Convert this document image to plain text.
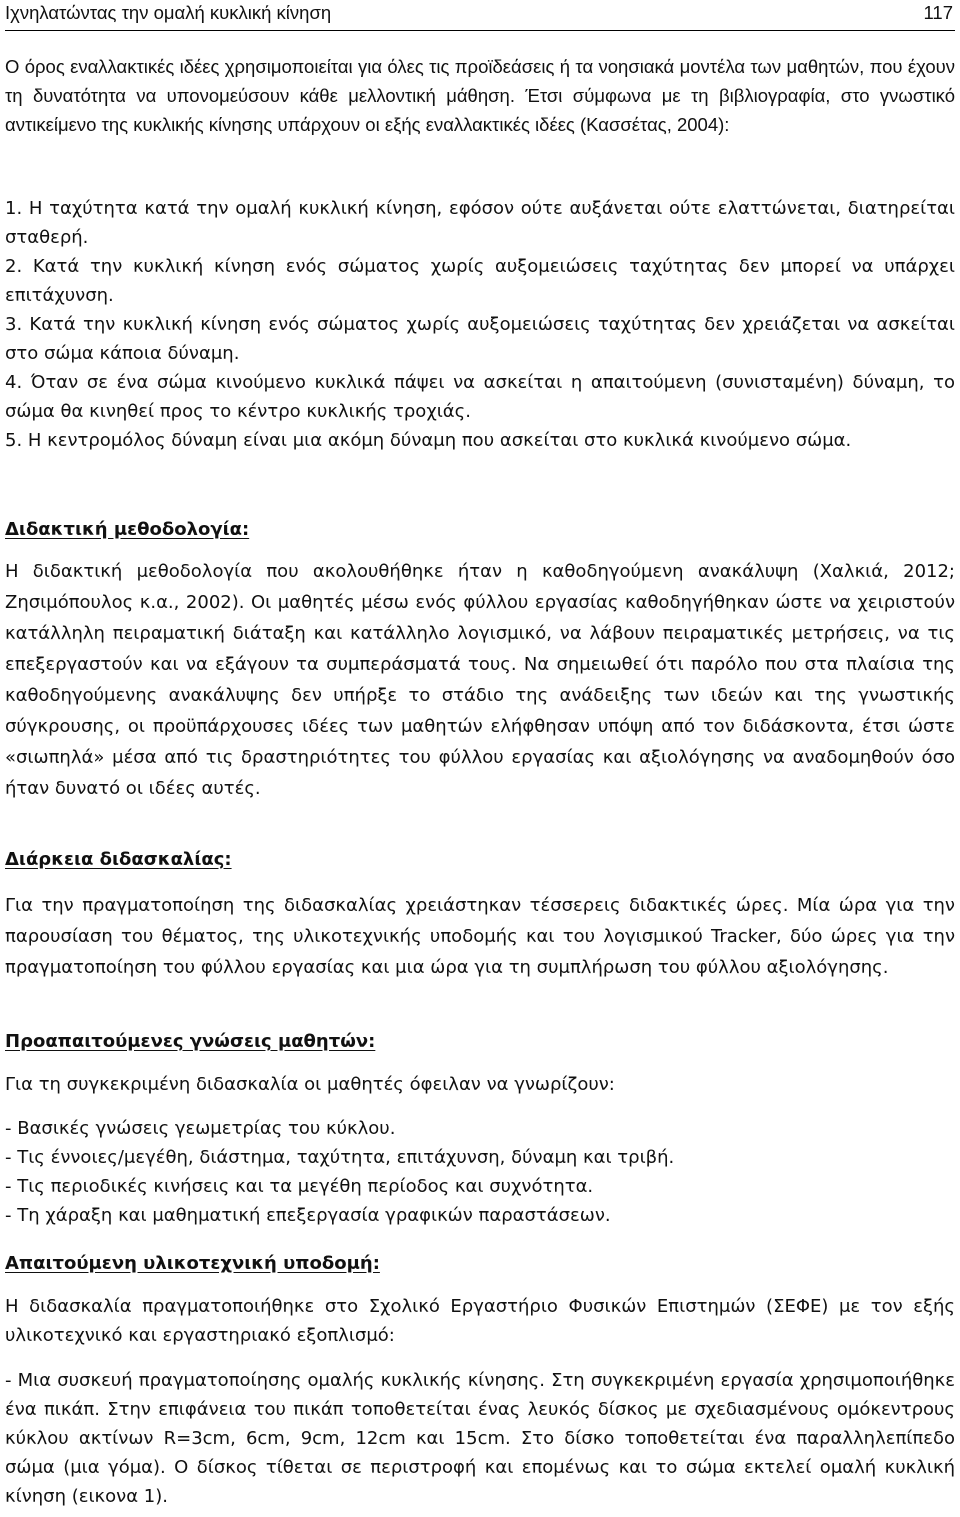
Ιχνηλατώντας την ομαλή κυκλική κίνηση	117

Ο όρος εναλλακτικές ιδέες χρησιμοποιείται για όλες τις προϊδεάσεις ή τα νοησιακά μοντέλα των μαθητών, που έχουν τη δυνατότητα να υπονομεύσουν κάθε μελλοντική μάθηση. Έτσι σύμφωνα με τη βιβλιογραφία, στο γνωστικό αντικείμενο της κυκλικής κίνησης υπάρχουν οι εξής εναλλακτικές ιδέες (Κασσέτας, 2004):

1. Η ταχύτητα κατά την ομαλή κυκλική κίνηση, εφόσον ούτε αυξάνεται ούτε ελαττώνεται, διατηρείται σταθερή.
2. Κατά την κυκλική κίνηση ενός σώματος χωρίς αυξομειώσεις ταχύτητας δεν μπορεί να υπάρχει επιτάχυνση.
3. Κατά την κυκλική κίνηση ενός σώματος χωρίς αυξομειώσεις ταχύτητας δεν χρειάζεται να ασκείται στο σώμα κάποια δύναμη.
4. Όταν σε ένα σώμα κινούμενο κυκλικά πάψει να ασκείται η απαιτούμενη (συνισταμένη) δύναμη, το σώμα θα κινηθεί προς το κέντρο κυκλικής τροχιάς.
5. Η κεντρομόλος δύναμη είναι μια ακόμη δύναμη που ασκείται στο κυκλικά κινούμενο σώμα.
Διδακτική μεθοδολογία:

Η διδακτική μεθοδολογία που ακολουθήθηκε ήταν η καθοδηγούμενη ανακάλυψη (Χαλκιά, 2012; Ζησιμόπουλος κ.α., 2002). Οι μαθητές μέσω ενός φύλλου εργασίας καθοδηγήθηκαν ώστε να χειριστούν κατάλληλη πειραματική διάταξη και κατάλληλο λογισμικό, να λάβουν πειραματικές μετρήσεις, να τις επεξεργαστούν και να εξάγουν τα συμπεράσματά τους. Να σημειωθεί ότι παρόλο που στα πλαίσια της καθοδηγούμενης ανακάλυψης δεν υπήρξε το στάδιο της ανάδειξης των ιδεών και της γνωστικής σύγκρουσης, οι προϋπάρχουσες ιδέες των μαθητών ελήφθησαν υπόψη από τον διδάσκοντα, έτσι ώστε «σιωπηλά» μέσα από τις δραστηριότητες του φύλλου εργασίας και αξιολόγησης να αναδομηθούν όσο ήταν δυνατό οι ιδέες αυτές.

Διάρκεια διδασκαλίας:

Για την πραγματοποίηση της διδασκαλίας χρειάστηκαν τέσσερεις διδακτικές ώρες. Μία ώρα για την παρουσίαση του θέματος, της υλικοτεχνικής υποδομής και του λογισμικού Tracker, δύο ώρες για την πραγματοποίηση του φύλλου εργασίας και μια ώρα για τη συμπλήρωση του φύλλου αξιολόγησης.

Προαπαιτούμενες γνώσεις μαθητών:

Για τη συγκεκριμένη διδασκαλία οι μαθητές όφειλαν να γνωρίζουν:

- Βασικές γνώσεις γεωμετρίας του κύκλου.
- Τις έννοιες/μεγέθη, διάστημα, ταχύτητα, επιτάχυνση, δύναμη και τριβή.
- Τις περιοδικές κινήσεις και τα μεγέθη περίοδος και συχνότητα.
- Τη χάραξη και μαθηματική επεξεργασία γραφικών παραστάσεων.
Απαιτούμενη υλικοτεχνική υποδομή:

Η διδασκαλία πραγματοποιήθηκε στο Σχολικό Εργαστήριο Φυσικών Επιστημών (ΣΕΦΕ) με τον εξής υλικοτεχνικό και εργαστηριακό εξοπλισμό:

- Μια συσκευή πραγματοποίησης ομαλής κυκλικής κίνησης. Στη συγκεκριμένη εργασία χρησιμοποιήθηκε ένα πικάπ. Στην επιφάνεια του πικάπ τοποθετείται ένας λευκός δίσκος με σχεδιασμένους ομόκεντρους κύκλου ακτίνων R=3cm, 6cm, 9cm, 12cm και 15cm. Στο δίσκο τοποθετείται ένα παραλληλεπίπεδο σώμα (μια γόμα). Ο δίσκος τίθεται σε περιστροφή και επομένως και το σώμα εκτελεί ομαλή κυκλική κίνηση (εικονα 1).
